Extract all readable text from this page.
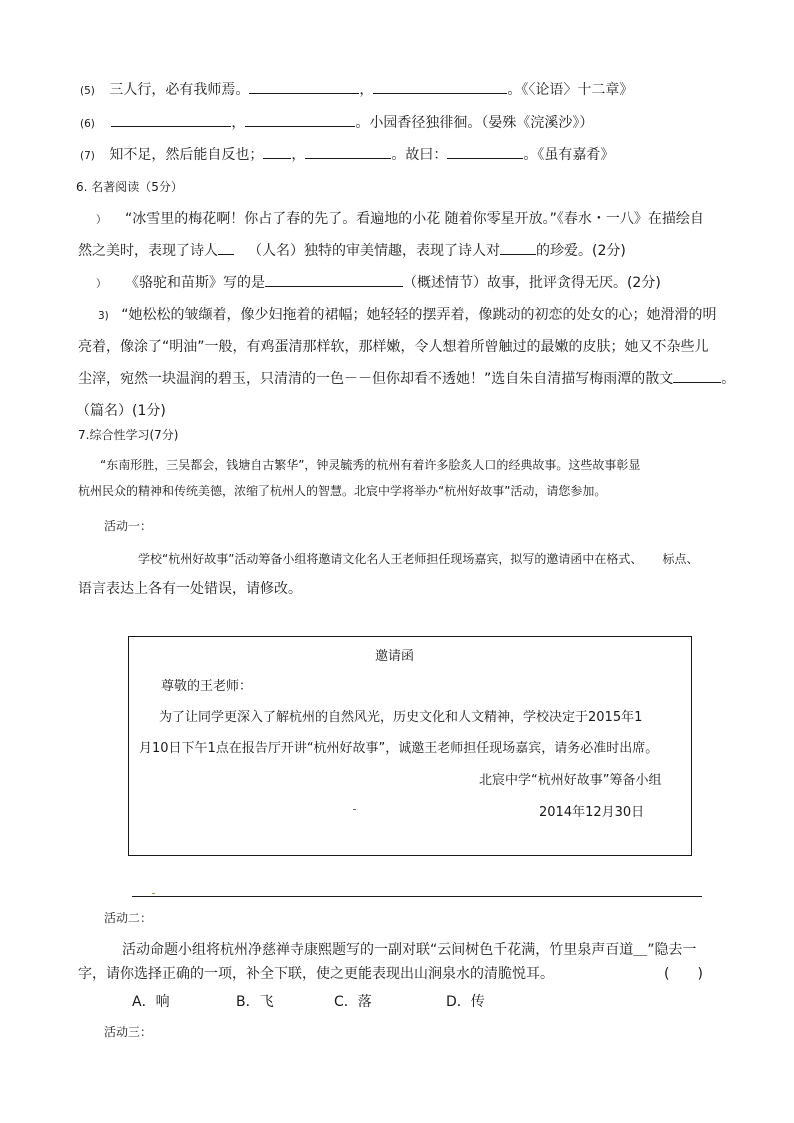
(5) 三人行，必有我师焉。	，	。《〈论语〉十二章》
(6)	，	。小园香径独徘徊。（晏殊《浣溪沙》）
(7) 知不足，然后能自反也； ，	。故曰：	。《虽有嘉肴》
6. 名著阅读（5分）
） “冰雪里的梅花啊！你占了春的先了。看遍地的小花 随着你零星开放。”《春水・一八》在描绘自
然之美时，表现了诗人 （人名）独特的审美情趣，表现了诗人对	的珍爱。(2分)
） 《骆驼和苗斯》写的是	（概述情节）故事，批评贪得无厌。(2分)
3) “她松松的皱缬着，像少妇拖着的裙幅；她轻轻的摆弄着，像跳动的初恋的处女的心；她滑滑的明
亮着，像涂了“明油”一般，有鸡蛋清那样软，那样嫩，令人想着所曾触过的最嫩的皮肤；她又不杂些儿
尘滓，宛然一块温润的碧玉，只清清的一色－－但你却看不透她！”选自朱自清描写梅雨潭的散文	。
（篇名）(1分)
7.综合性学习(7分)
“东南形胜，三吴都会，钱塘自古繁华”，钟灵毓秀的杭州有着许多脍炙人口的经典故事。这些故事彰显
杭州民众的精神和传统美德，浓缩了杭州人的智慧。北宸中学将举办“杭州好故事”活动，请您参加。
活动一：
学校“杭州好故事”活动筹备小组将邀请文化名人王老师担任现场嘉宾，拟写的邀请函中在格式、 标点、
语言表达上各有一处错误，请修改。
邀请函
尊敬的王老师：
为了让同学更深入了解杭州的自然风光，历史文化和人文精神，学校决定于2015年1
月10日下午1点在报告厅开讲“杭州好故事”，诚邀王老师担任现场嘉宾，请务必准时出席。
北宸中学“杭州好故事”筹备小组
2014年12月30日
活动二：
活动命题小组将杭州净慈禅寺康熙题写的一副对联“云间树色千花满，竹里泉声百道＿”隐去一
字，请你选择正确的一项，补全下联，使之更能表现出山涧泉水的清脆悦耳。	(　　)
A．响	B．飞	C．落	D．传
活动三：
